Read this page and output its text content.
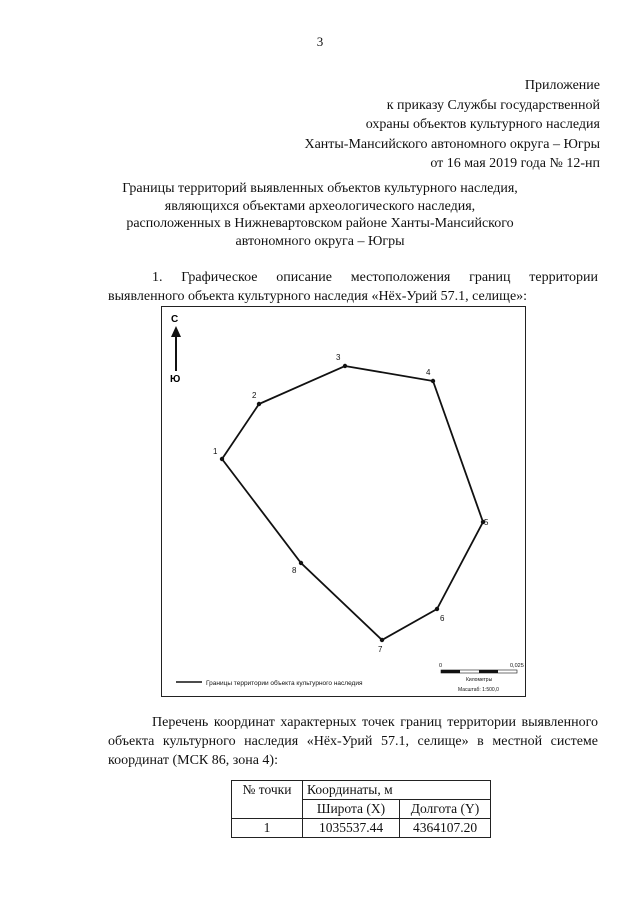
3
Приложение
к приказу Службы государственной
охраны объектов культурного наследия
Ханты-Мансийского автономного округа – Югры
от 16 мая 2019 года № 12-нп
Границы территорий выявленных объектов культурного наследия,
являющихся объектами археологического наследия,
расположенных в Нижневартовском районе Ханты-Мансийского
автономного округа – Югры
1. Графическое описание местоположения границ территории выявленного объекта культурного наследия «Нёх-Урий 57.1, селище»:
С
Ю
1
2
3
4
5
6
7
8
Границы территории объекта культурного наследия
0	0,025
Километры
Масштаб: 1:500,0
Перечень координат характерных точек границ территории выявленного объекта культурного наследия «Нёх-Урий 57.1, селище» в местной системе координат (МСК 86, зона 4):
№ точки	Координаты, м	
	Широта (X)	Долгота (Y)
1	1035537.44	4364107.20
